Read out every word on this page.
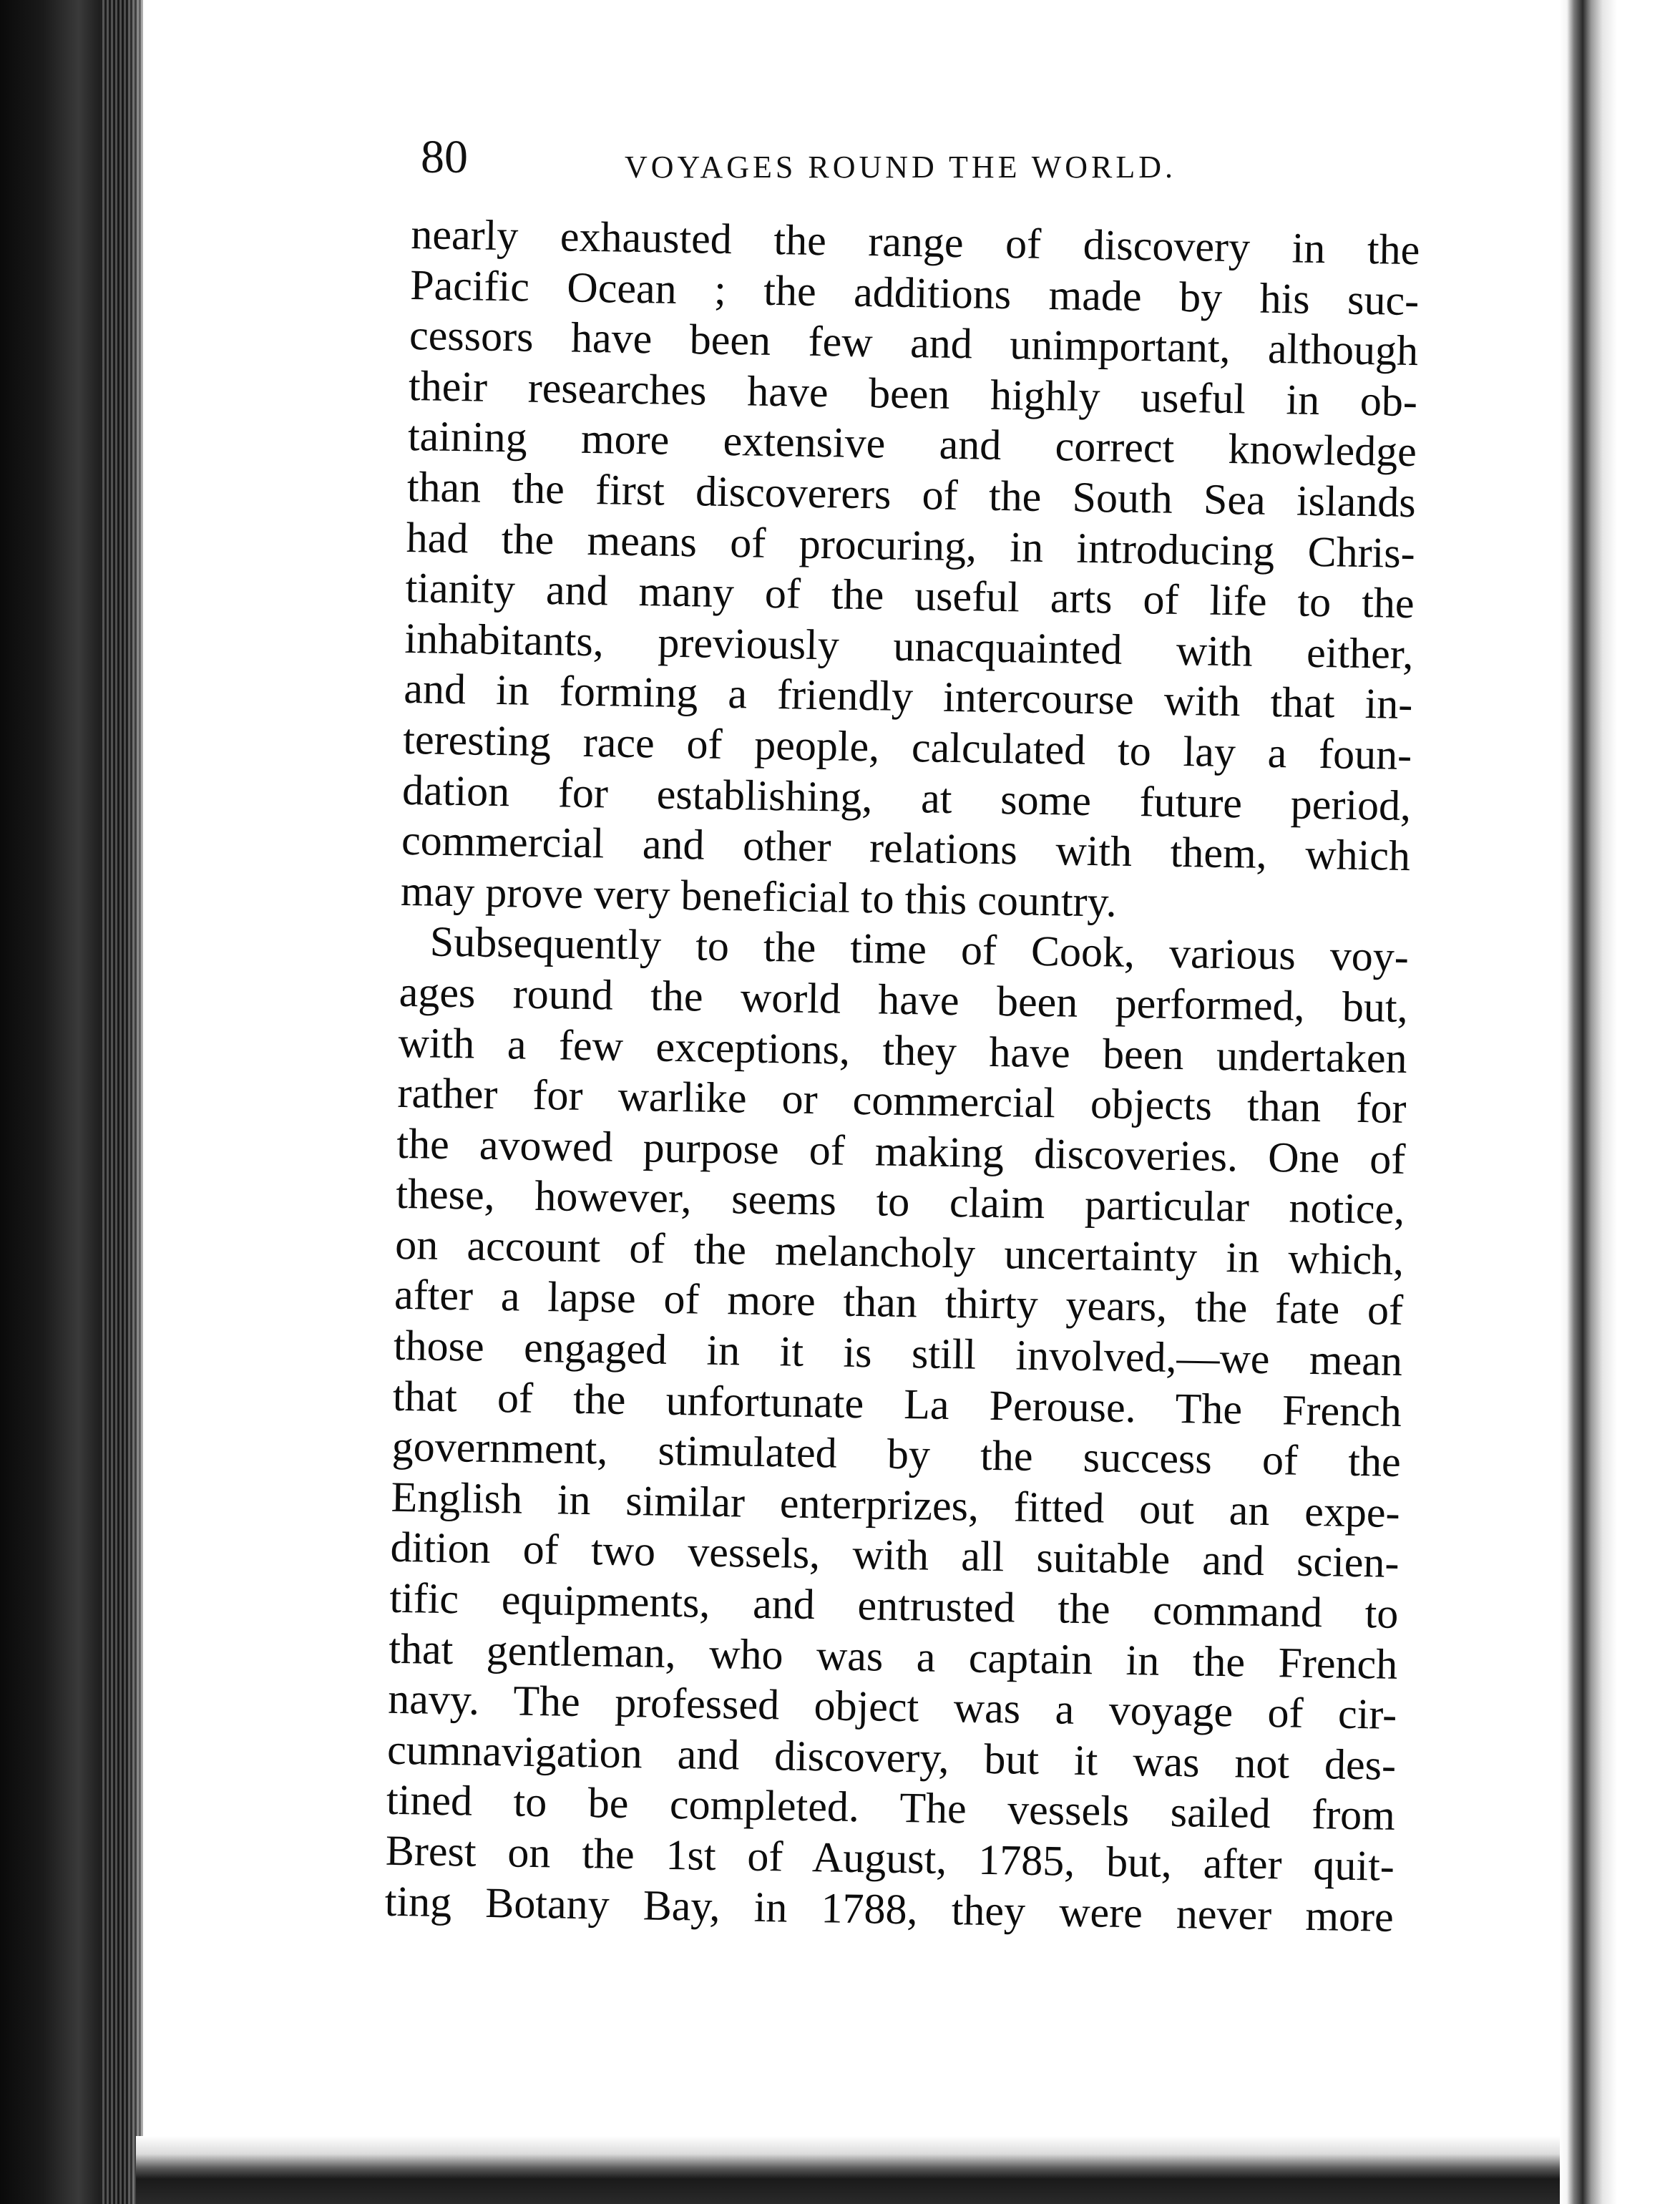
80	VOYAGES ROUND THE WORLD.
nearly exhausted the range of discovery in the
Pacific Ocean ; the additions made by his suc-
cessors have been few and unimportant, although
their researches have been highly useful in ob-
taining more extensive and correct knowledge
than the first discoverers of the South Sea islands
had the means of procuring, in introducing Chris-
tianity and many of the useful arts of life to the
inhabitants, previously unacquainted with either,
and in forming a friendly intercourse with that in-
teresting race of people, calculated to lay a foun-
dation for establishing, at some future period,
commercial and other relations with them, which
may prove very beneficial to this country.
Subsequently to the time of Cook, various voy-
ages round the world have been performed, but,
with a few exceptions, they have been undertaken
rather for warlike or commercial objects than for
the avowed purpose of making discoveries. One of
these, however, seems to claim particular notice,
on account of the melancholy uncertainty in which,
after a lapse of more than thirty years, the fate of
those engaged in it is still involved,—we mean
that of the unfortunate La Perouse. The French
government, stimulated by the success of the
English in similar enterprizes, fitted out an expe-
dition of two vessels, with all suitable and scien-
tific equipments, and entrusted the command to
that gentleman, who was a captain in the French
navy. The professed object was a voyage of cir-
cumnavigation and discovery, but it was not des-
tined to be completed. The vessels sailed from
Brest on the 1st of August, 1785, but, after quit-
ting Botany Bay, in 1788, they were never more
